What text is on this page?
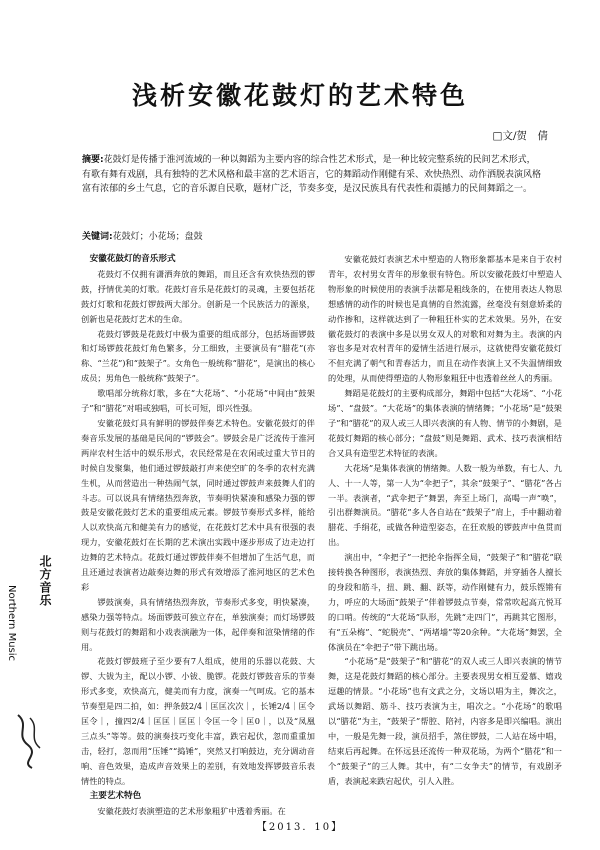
浅析安徽花鼓灯的艺术特色
□文/贺　倩
摘要:花鼓灯是传播于淮河流域的一种以舞蹈为主要内容的综合性艺术形式，是一种比较完整系统的民间艺术形式，有歌有舞有戏剧，具有独特的艺术风格和最丰富的艺术语言，它的舞蹈动作刚健有采、欢快热烈、动作洒脱表演风格富有浓郁的乡土气息，它的音乐源自民歌，题材广泛，节奏多变，是汉民族具有代表性和震撼力的民间舞蹈之一。
关键词:花鼓灯；小花场；盘鼓
安徽花鼓灯的音乐形式

花鼓灯不仅拥有潇洒奔放的舞蹈，而且还含有欢快热烈的锣鼓，抒情优美的灯歌。花鼓灯音乐是花鼓灯的灵魂，主要包括花鼓灯灯歌和花鼓灯锣鼓两大部分。创新是一个民族活力的源泉，创新也是花鼓灯艺术的生命。

花鼓灯锣鼓是花鼓灯中极为重要的组成部分，包括场面锣鼓和灯场锣鼓花鼓灯角色繁多，分工细致，主要演员有“腊花”(亦称、“兰花”)和“鼓架子”。女角色一般统称“腊花”，是演出的核心成员；男角色一般统称“鼓架子”。

歌唱部分统称灯歌，多在“大花场”、“小花场”中间由“鼓架子”和“腊花”对唱或独唱，可长可短，即兴性强。

安徽花鼓灯具有鲜明的锣鼓伴奏艺术特色。安徽花鼓灯的伴奏音乐发展的基础是民间的“锣鼓会”。锣鼓会是广泛流传于淮河两岸农村生活中的娱乐形式，农民经常是在农闲或过重大节日的时候自发聚集，他们通过锣鼓敲打声来使空旷的冬季的农村充满生机，从而营造出一种热闹气氛，同时通过锣鼓声来鼓舞人们的斗志。可以说具有情绪热烈奔放，节奏明快紧凑和感染力强的锣鼓是安徽花鼓灯艺术的重要组成元素。锣鼓节奏形式多样，能给人以欢快高亢和健美有力的感觉，在花鼓灯艺术中具有很强的表现力，安徽花鼓灯在长期的艺术演出实践中逐步形成了边走边打边舞的艺术特点。花鼓灯通过锣鼓伴奏不但增加了生活气息，而且还通过表演者边敲奏边舞的形式有效增添了淮河地区的艺术色彩

锣鼓演奏，具有情绪热烈奔放，节奏形式多变，明快紧凑，感染力强等特点。场面锣鼓可独立存在，单独演奏；而灯场锣鼓则与花鼓灯的舞蹈和小戏表演融为一体，起伴奏和渲染情绪的作用。

花鼓灯锣鼓班子至少要有7人组成，使用的乐器以花鼓、大锣、大钹为主，配以小锣、小钹、脆锣。花鼓灯锣鼓音乐的节奏形式多变，欢快高亢，健美而有力度，演奏一气呵成。它的基本节奏型是四二拍，如：押条鼓2/4｜匡匡次次｜，长锤2/4｜匡令匡令｜，撞四2/4｜匡匡｜匡匡｜令匡一令｜匡0｜，以及“凤凰三点头”等等。鼓的演奏技巧变化丰富，跌宕起伏，忽而重重加击，轻打，忽而用“压锤”“捣锤”，突然又打响鼓边，充分调动音响、音色效果，造成声音效果上的差别，有效地发挥锣鼓音乐表情性的特点。

主要艺术特色

安徽花鼓灯表演塑造的艺术形象粗犷中透着秀丽。在

安徽花鼓灯表演艺术中塑造的人物形象都基本是来自于农村青年，农村男女青年的形象很有特色。所以安徽花鼓灯中塑造人物形象的时候使用的表演手法都是粗线条的，在使用表达人物思想感情的动作的时候也是真情的自然流露，丝毫没有刻意娇柔的动作掺和，这样就达到了一种粗狂朴实的艺术效果。另外，在安徽花鼓灯的表演中多是以男女双人的对歌和对舞为主。表演的内容也多是对农村青年的爱情生活进行展示，这就使得安徽花鼓灯不但充满了朝气和青春活力，而且在动作表演上又不失温情细致的处理，从而使得塑造的人物形象粗狂中也透着丝丝人的秀丽。

舞蹈是花鼓灯的主要构成部分，舞蹈中包括“大花场”、“小花场”、“盘鼓”。“大花场”的集体表演的情绪舞；“小花场”是“鼓架子”和“腊花”的双人或三人即兴表演的有人物、情节的小舞剧，是花鼓灯舞蹈的核心部分；“盘鼓”则是舞蹈、武术、技巧表演相结合又具有造型艺术特征的表演。

大花场”是集体表演的情绪舞。人数一般为单数，有七人、九人、十一人等，第一人为“伞把子”，其余“鼓架子”、“腊花”各占一半。表演者，“武伞把子”舞罢，奔至上场门，高喝一声“唤”，引出群舞演员。“腊花”多人各自站在“鼓架子”肩上，手中翻动着腊花、手绢花，或做各种造型姿态，在狂欢般的锣鼓声中鱼贯而出。

演出中，“伞把子”一把抡伞指挥全局，“鼓架子”和“腊花”联接转换各种图形，表演热烈、奔放的集体舞蹈，并穿插各人擅长的身段和筋斗，扭、跳、翻、跃等，动作刚健有力，鼓乐铿锵有力，呼应的大场面“鼓架子”伴着锣鼓点节奏，常常吹起高亢悦耳的口哨。传统的“大花场”队形，先跳“走四门”，再跳其它图形，有“五朵梅”、“蛇脱壳”、“两堵墙”等20余种。“大花场”舞罢，全体演员在“伞把子”带下跳出场。

“小花场”是“鼓架子”和“腊花”的双人或三人即兴表演的情节舞，这是花鼓灯舞蹈的核心部分。主要表现男女相互爱慕、嬉戏逗趣的情景。“小花场”也有文武之分，文场以唱为主，舞次之，武场以舞蹈、筋斗、技巧表演为主，唱次之。“小花场”的歌唱以“腊花”为主，“鼓架子”帮腔、陪衬，内容多是即兴编唱。演出中，一般是先舞一段，演员招手，煞住锣鼓，二人站在场中唱，结束后再起舞。在怀远县还流传一种双花场，为两个“腊花”和一个“鼓架子”的三人舞。其中，有“二女争夫”的情节，有戏剧矛盾，表演起来跌宕起伏，引人入胜。

北方音乐
Northern Music
【2013．10】
